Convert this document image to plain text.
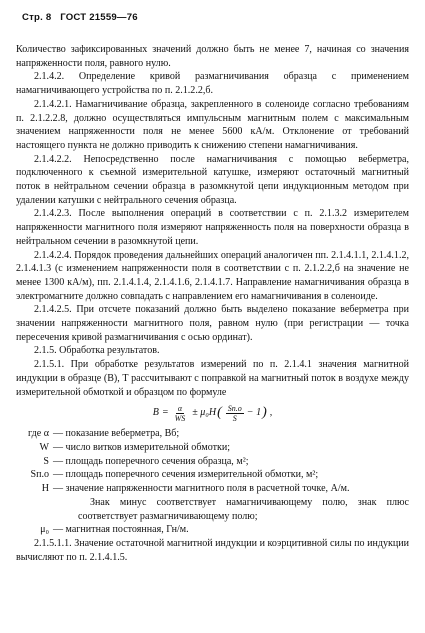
Стр. 8 ГОСТ 21559—76

Количество зафиксированных значений должно быть не менее 7, начиная со значения напряженности поля, равного нулю.

2.1.4.2. Определение кривой размагничивания образца с применением намагничивающего устройства по п. 2.1.2.2,б.

2.1.4.2.1. Намагничивание образца, закрепленного в соленоиде согласно требованиям п. 2.1.2.2.8, должно осуществляться импульсным магнитным полем с максимальным значением напряженности поля не менее 5600 кА/м. Отклонение от требований настоящего пункта не должно приводить к снижению степени намагничивания.

2.1.4.2.2. Непосредственно после намагничивания с помощью веберметра, подключенного к съемной измерительной катушке, измеряют остаточный магнитный поток в нейтральном сечении образца в разомкнутой цепи индукционным методом при удалении катушки с нейтрального сечения образца.

2.1.4.2.3. После выполнения операций в соответствии с п. 2.1.3.2 измерителем напряженности магнитного поля измеряют напряженность поля на поверхности образца в нейтральном сечении в разомкнутой цепи.

2.1.4.2.4. Порядок проведения дальнейших операций аналогичен пп. 2.1.4.1.1, 2.1.4.1.2, 2.1.4.1.3 (с изменением напряженности поля в соответствии с п. 2.1.2.2,б на значение не менее 1300 кА/м), пп. 2.1.4.1.4, 2.1.4.1.6, 2.1.4.1.7. Направление намагничивания образца в электромагните должно совпадать с направлением его намагничивания в соленоиде.

2.1.4.2.5. При отсчете показаний должно быть выделено показание веберметра при значении напряженности магнитного поля, равном нулю (при регистрации — точка пересечения кривой размагничивания с осью ординат).

2.1.5. Обработка результатов.

2.1.5.1. При обработке результатов измерений по п. 2.1.4.1 значения магнитной индукции в образце (В), Т рассчитывают с поправкой на магнитный поток в воздухе между измерительной обмоткой и образцом по формуле

$B = \frac{\alpha}{WS} \pm \mu_0H$ ( $\frac{Sп.о}{S} - 1$ ) ,
где α — показание веберметра, Вб;
W — число витков измерительной обмотки;
S — площадь поперечного сечения образца, м²;
Sп.о — площадь поперечного сечения измерительной обмотки, м²;
H — значение напряженности магнитного поля в расчетной точке, А/м.

Знак минус соответствует намагничивающему полю, знак плюс соответствует размагничивающему полю;

μ₀ — магнитная постоянная, Гн/м.

2.1.5.1.1. Значение остаточной магнитной индукции и коэрцитивной силы по индукции вычисляют по п. 2.1.4.1.5.
